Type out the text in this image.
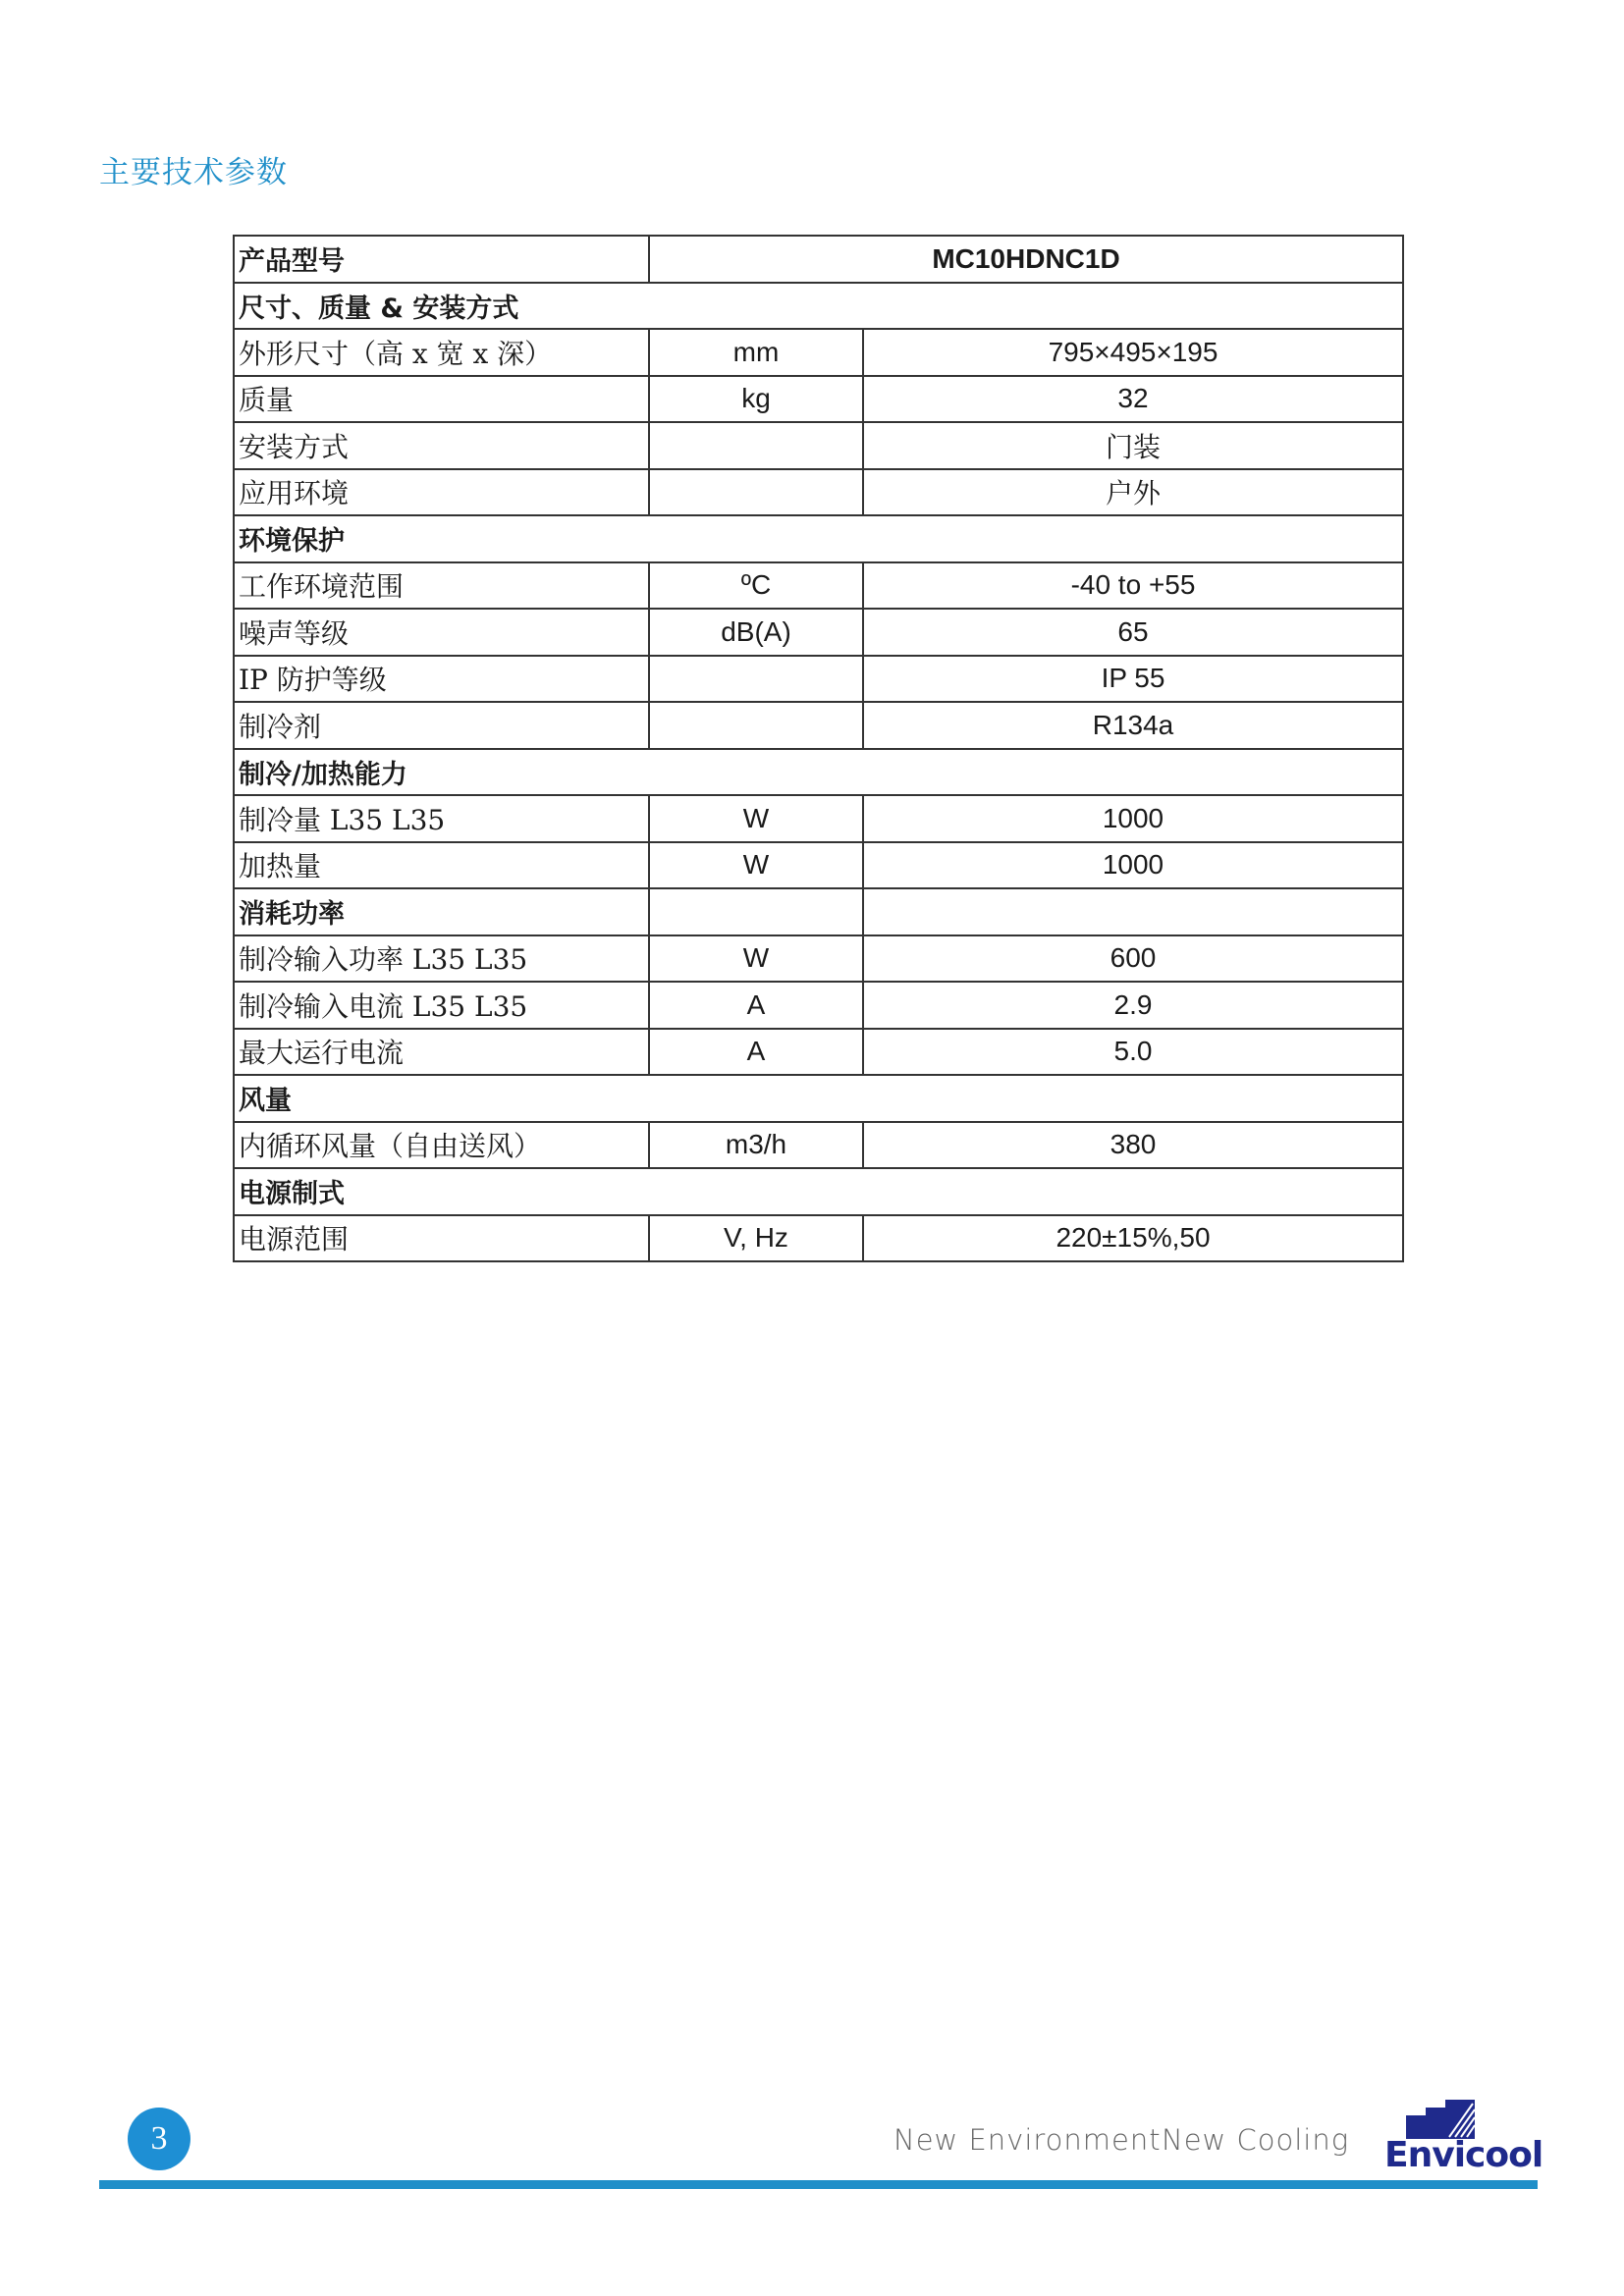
主要技术参数
产品型号	MC10HDNC1D	
尺寸、质量 & 安装方式		
外形尺寸（高 x 宽 x 深）	mm	795×495×195
质量	kg	32
安装方式		门装
应用环境		户外
环境保护		
工作环境范围	ºC	-40 to +55
噪声等级	dB(A)	65
IP 防护等级		IP 55
制冷剂		R134a
制冷/加热能力		
制冷量 L35 L35	W	1000
加热量	W	1000
消耗功率		
制冷输入功率 L35 L35	W	600
制冷输入电流 L35 L35	A	2.9
最大运行电流	A	5.0
风量		
内循环风量（自由送风）	m3/h	380
电源制式		
电源范围	V, Hz	220±15%,50
3	New Environment New Cooling Envicool
